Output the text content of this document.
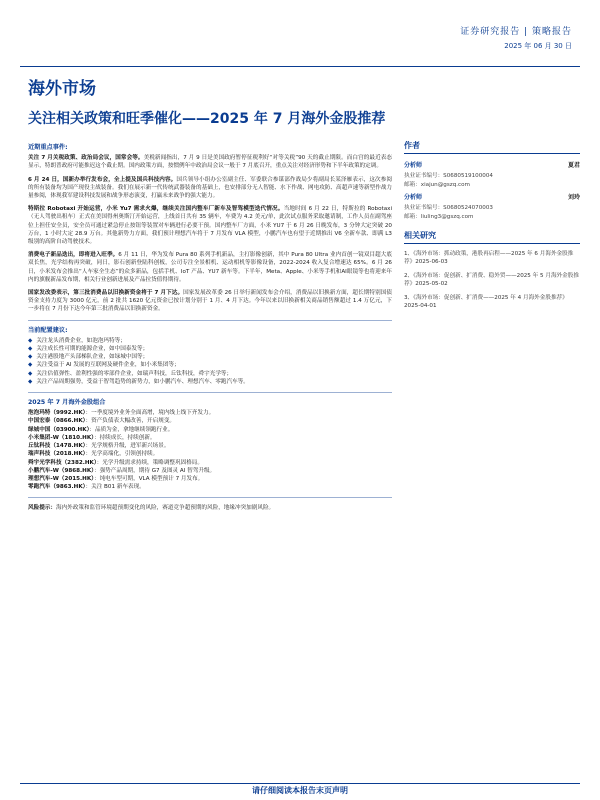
证券研究报告 | 策略报告
2025 年 06 月 30 日
海外市场
关注相关政策和旺季催化——2025 年 7 月海外金股推荐
近期重点事件:

关注 7 月关税政策、政治局会议，国常会等。美税新闻指出，7 月 9 日是美国政府暂停征税利好“对等关税”90 天的截止期限。而白宫的最近表态显示，特朗普政府可能推迟这个截止期。国内政策方面，按惯例年中政治局会议一般于 7 月底召开，重点关注对经济形势和下半年政策的定调。

6 月 24 日，国新办举行发布会，全上提及国兵科技内容。国兵领导小组办公室副主任、军委联合参谋部作战局少将副局长某泽雁表示，这次参阅的所有装备均为国产现役主战装备。我们在展示新一代传统武器装备的基础上，也安排部分无人智能、水下作战、网电攻防、高超声速等新型作战力量参阅，体现我军建设科技发展和战争形态演变，打赢未来战争的强大能力。

特斯拉 Robotaxi 开始运营，小米 Yu7 需求火爆，继续关注国内整车厂新车及智驾模型迭代情况。当地时间 6 月 22 日，特斯拉的 Robotaxi（无人驾驶出租车）正式在美国得州奥斯汀开始运营，上线首日共有 35 辆车，车费为 4.2 美元/单，此次试点服务采取邀请制，工作人员在副驾座位上担任安全员，安全员可通过紧急停止按钮等装置对车辆进行必要干预。国内整车厂方面，小米 YU7 于 6 月 26 日晚发布，3 分钟大定突破 20 万台，1 小时大定 28.9 万台。其他新势力方面，我们预计理想汽车将于 7 月发布 VLA 模型，小鹏汽车也有望于近期推出 V6 全新车款、即满 L3 级别的高阶自动驾驶技术。

消费电子新品迭出，即将进入旺季。6 月 11 日，华为发布 Pura 80 系列手机新品，主打影像创新，其中 Pura 80 Ultra 业内首创一镜双目超大底双长焦，光学结构再突破，同日，影石创新登陆科创板，公司专注全景相机、运动相机等影像设备，2022-2024 收入复合增速达 65%。6 月 26 日，小米发布会推出“人车家全生态”的众多新品，包括手机、IoT 产品、YU7 新车等。下半年，Meta、Apple、小米等手机和AI眼镜等也将迎来年内的旗舰新品发布期，相关行业创新进展及产品拉货值得期待。

国家发改委表示，第三批消费品以旧换新资金将于 7 月下达。国家发展改革委 26 日举行新闻发布会介绍，消费品以旧换新方面，超长期特别国债资金支持力度为 3000 亿元，前 2 批共 1620 亿元资金已按计划分别于 1 月、4 月下达。今年以来以旧换新相关商品销售额超过 1.4 万亿元，下一步将在 7 月份下达今年第三批消费品以旧换新资金。

当前配置建议:
◆ 关注龙头消费企业，如泡泡玛特等；
◆ 关注成长性可期的能源企业，如中国泰发等；
◆ 关注港股地产头部梯队企业，如绿城中国等；
◆ 关注受益于 AI 发展的互联网及硬件企业，如小米集团等；
◆ 关注估值弹性、盈利性强的零部件企业，如瑞声科技，丘钛科技，舜宇光学等；
◆ 关注产品周期强势，受益于智驾趋势的新势力，如小鹏汽车、理想汽车、零跑汽车等。
2025 年 7 月海外金股组合
泡泡玛特（9992.HK）：一季度境外业务全面高增，境内线上线下齐发力。
中国宏泰（0866.HK）：资产负债表大幅改善，开启规变。
绿城中国（03900.HK）：品质为金，拿地继续领跑行业。
小米集团-W（1810.HK）：持续成长，持续创新。
丘钛科技（1478.HK）：光学规格升级，进军新兴场景。
瑞声科技（2018.HK）：光学高端化，引领创持续。
舜宇光学科技（2382.HK）：光学升级需求持续，策略调整巩固格局。
小鹏汽车-W（9868.HK）：强势产品周期，期待 G7 及图灵 AI 智驾升级。
理想汽车-W（2015.HK）：纯电车型可期，VLA 模型预计 7 月发布。
零跑汽车（9863.HK）：关注 B01 新车表现。

风险提示：海内外政策和监管环境超预期变化的风险，赛道竞争超预期的风险，地缘冲突加剧风险。

作者
分析师	夏君
执业证书编号：S0680519100004
邮箱：xiajun@gszq.com
分析师	刘玲
执业证书编号：S0680524070003
邮箱：liuling3@gszq.com
相关研究

1、《海外市场：抓动政策，港股再启程——2025 年 6 月海外金股推荐》2025-06-03

2、《海外市场：促创新、扩消费、稳外贸——2025 年 5 月海外金股推荐》2025-05-02

3、《海外市场：促创新、扩消费——2025 年 4 月海外金股推荐》2025-04-01

请仔细阅读本报告末页声明
